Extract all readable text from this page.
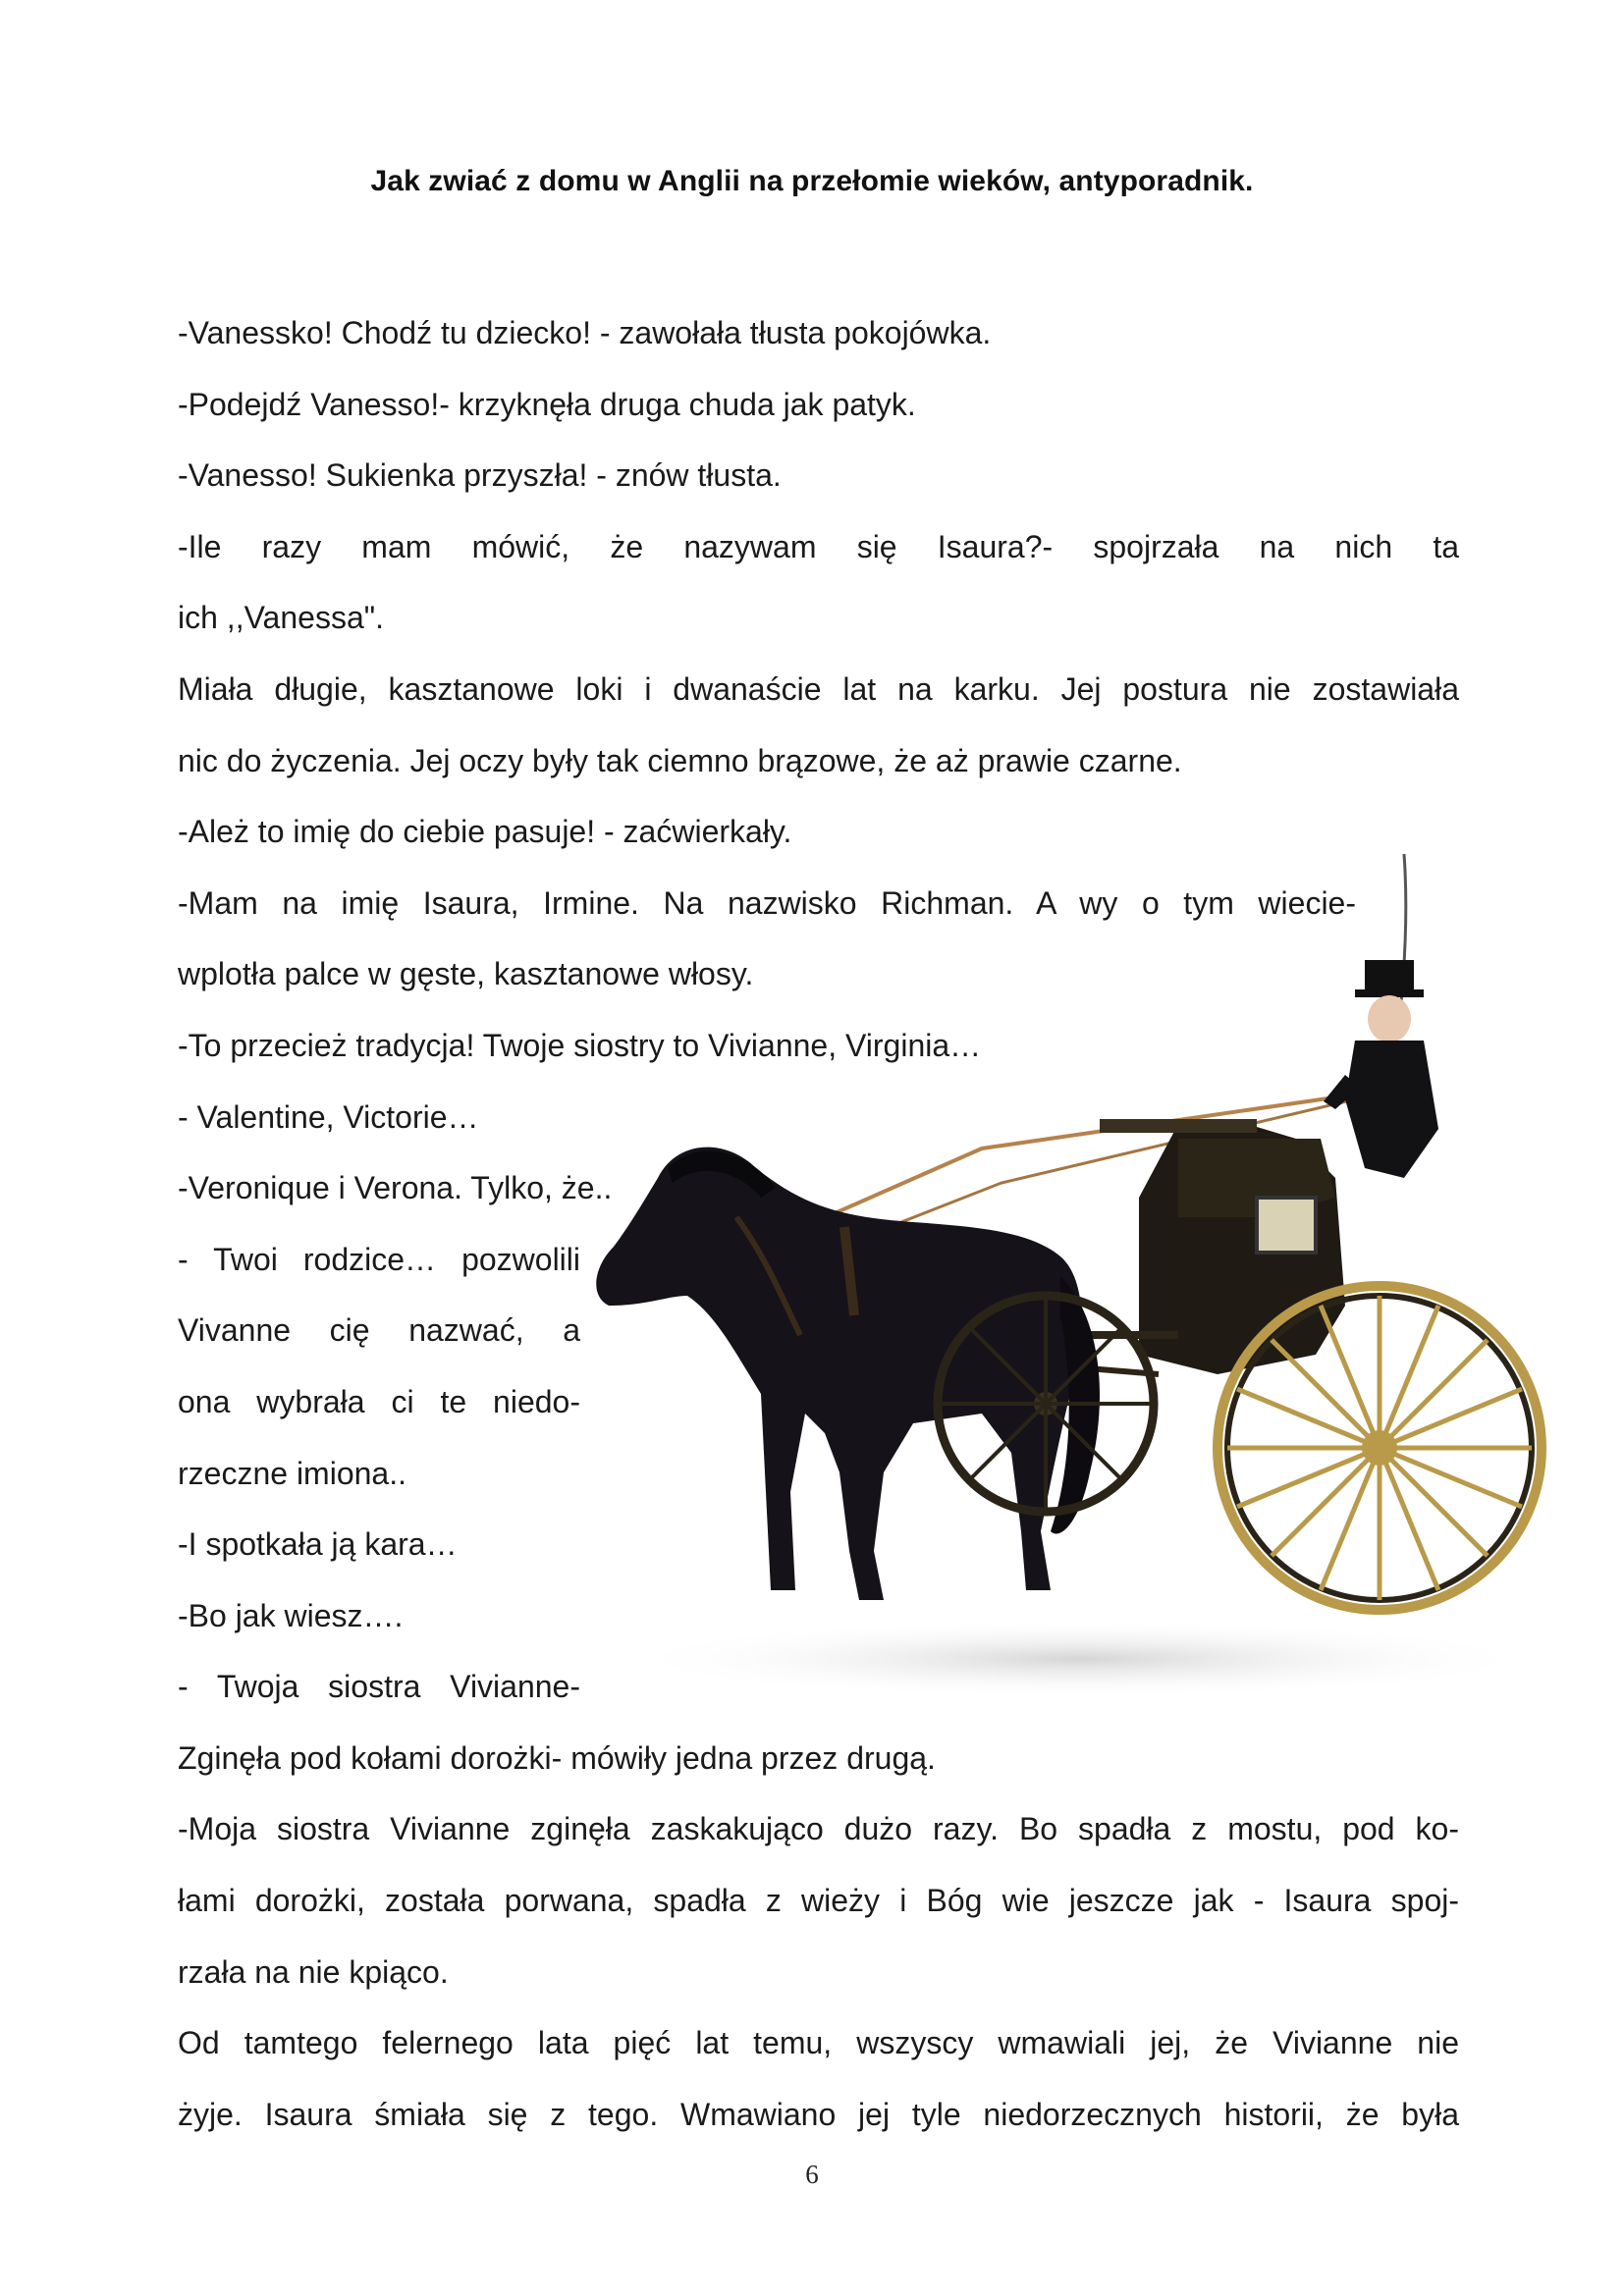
Jak zwiać z domu w Anglii na przełomie wieków, antyporadnik.

-Vanessko! Chodź tu dziecko! - zawołała tłusta pokojówka.

-Podejdź Vanesso!- krzyknęła druga chuda jak patyk.

-Vanesso! Sukienka przyszła! - znów tłusta.

-Ile razy mam mówić, że nazywam się Isaura?- spojrzała na nich ta

ich ,,Vanessa".

Miała długie, kasztanowe loki i dwanaście lat na karku. Jej postura nie zostawiała

nic do życzenia. Jej oczy były tak ciemno brązowe, że aż prawie czarne.

-Ależ to imię do ciebie pasuje! - zaćwierkały.

-Mam na imię Isaura, Irmine. Na nazwisko Richman. A wy o tym wiecie-

wplotła palce w gęste, kasztanowe włosy.

-To przecież tradycja! Twoje siostry to Vivianne, Virginia…

- Valentine, Victorie…

-Veronique i Verona. Tylko, że..

- Twoi rodzice… pozwolili

Vivanne cię nazwać, a

ona wybrała ci te niedo-

rzeczne imiona..

-I spotkała ją kara…

-Bo jak wiesz….

- Twoja siostra Vivianne-

Zginęła pod kołami dorożki- mówiły jedna przez drugą.

-Moja siostra Vivianne zginęła zaskakująco dużo razy. Bo spadła z mostu, pod ko-

łami dorożki, została porwana, spadła z wieży i Bóg wie jeszcze jak - Isaura spoj-

rzała na nie kpiąco.

Od tamtego felernego lata pięć lat temu, wszyscy wmawiali jej, że Vivianne nie

żyje. Isaura śmiała się z tego. Wmawiano jej tyle niedorzecznych historii, że była

6
